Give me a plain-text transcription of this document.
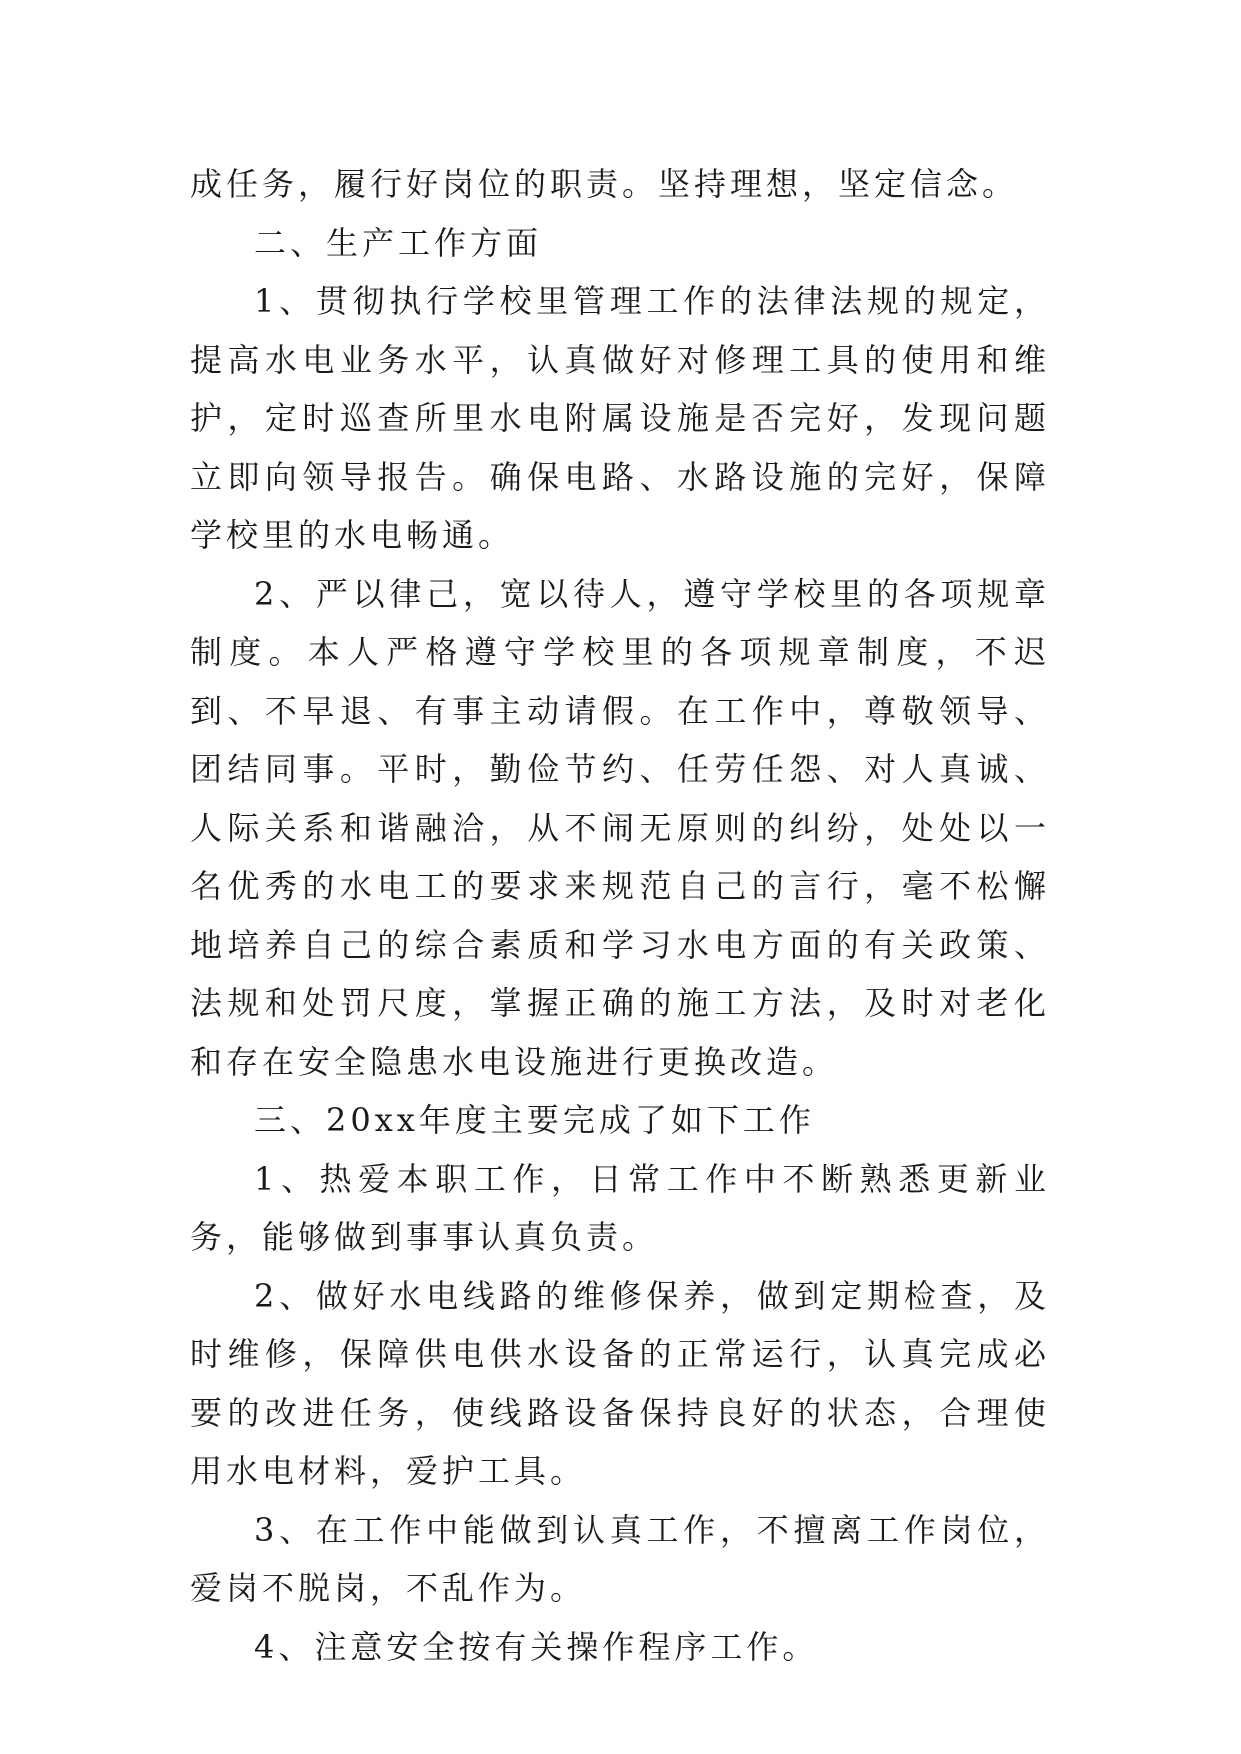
成任务，履行好岗位的职责。坚持理想，坚定信念。

二、生产工作方面

1、贯彻执行学校里管理工作的法律法规的规定，提高水电业务水平，认真做好对修理工具的使用和维护，定时巡查所里水电附属设施是否完好，发现问题立即向领导报告。确保电路、水路设施的完好，保障学校里的水电畅通。

2、严以律己，宽以待人，遵守学校里的各项规章制度。本人严格遵守学校里的各项规章制度，不迟到、不早退、有事主动请假。在工作中，尊敬领导、团结同事。平时，勤俭节约、任劳任怨、对人真诚、人际关系和谐融洽，从不闹无原则的纠纷，处处以一名优秀的水电工的要求来规范自己的言行，毫不松懈地培养自己的综合素质和学习水电方面的有关政策、法规和处罚尺度，掌握正确的施工方法，及时对老化和存在安全隐患水电设施进行更换改造。

三、20xx年度主要完成了如下工作

1、热爱本职工作，日常工作中不断熟悉更新业务，能够做到事事认真负责。

2、做好水电线路的维修保养，做到定期检查，及时维修，保障供电供水设备的正常运行，认真完成必要的改进任务，使线路设备保持良好的状态，合理使用水电材料，爱护工具。

3、在工作中能做到认真工作，不擅离工作岗位，爱岗不脱岗，不乱作为。

4、注意安全按有关操作程序工作。
